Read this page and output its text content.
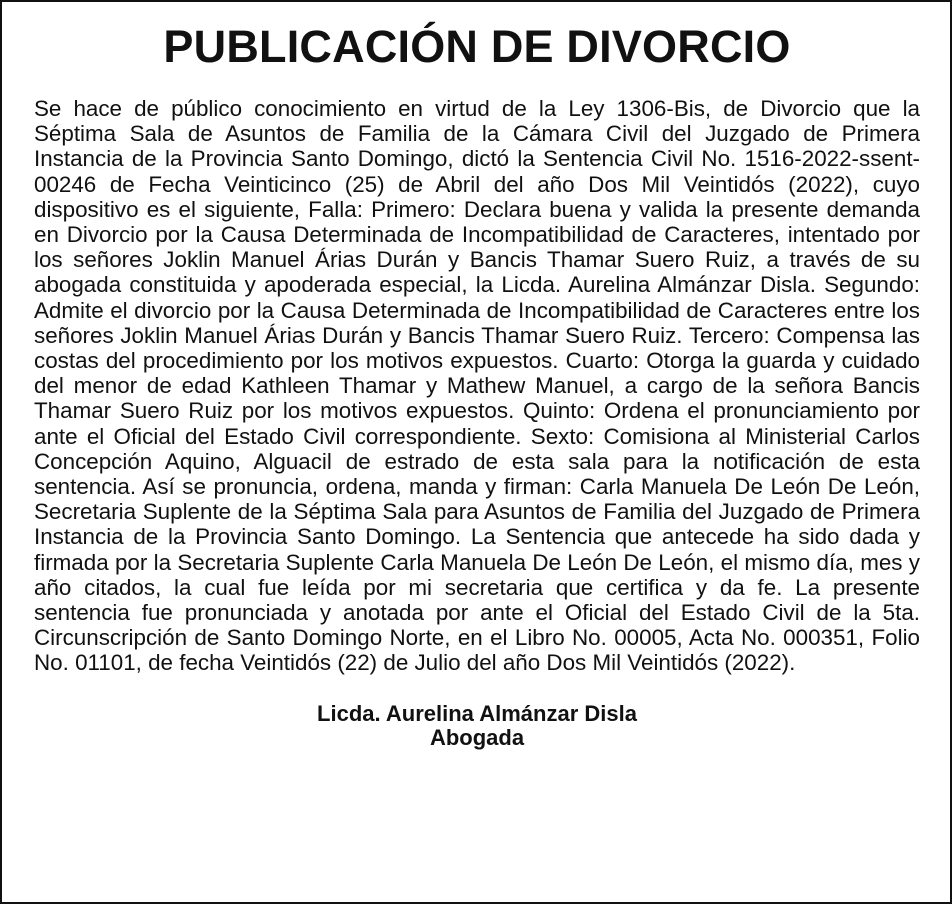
PUBLICACIÓN DE DIVORCIO

Se hace de público conocimiento en virtud de la Ley 1306-Bis, de Divorcio que la Séptima Sala de Asuntos de Familia de la Cámara Civil del Juzgado de Primera Instancia de la Provincia Santo Domingo, dictó la Sentencia Civil No. 1516-2022-ssent-00246 de Fecha Veinticinco (25) de Abril del año Dos Mil Veintidós (2022), cuyo dispositivo es el siguiente, Falla: Primero: Declara buena y valida la presente demanda en Divorcio por la Causa Determinada de Incompatibilidad de Caracteres, intentado por los señores Joklin Manuel Árias Durán y Bancis Thamar Suero Ruiz, a través de su abogada constituida y apoderada especial, la Licda. Aurelina Almánzar Disla. Segundo: Admite el divorcio por la Causa Determinada de Incompatibilidad de Caracteres entre los señores Joklin Manuel Árias Durán y Bancis Thamar Suero Ruiz. Tercero: Compensa las costas del procedimiento por los motivos expuestos. Cuarto: Otorga la guarda y cuidado del menor de edad Kathleen Thamar y Mathew Manuel, a cargo de la señora Bancis Thamar Suero Ruiz por los motivos expuestos. Quinto: Ordena el pronunciamiento por ante el Oficial del Estado Civil correspondiente. Sexto: Comisiona al Ministerial Carlos Concepción Aquino, Alguacil de estrado de esta sala para la notificación de esta sentencia. Así se pronuncia, ordena, manda y firman: Carla Manuela De León De León, Secretaria Suplente de la Séptima Sala para Asuntos de Familia del Juzgado de Primera Instancia de la Provincia Santo Domingo. La Sentencia que antecede ha sido dada y firmada por la Secretaria Suplente Carla Manuela De León De León, el mismo día, mes y año citados, la cual fue leída por mi secretaria que certifica y da fe. La presente sentencia fue pronunciada y anotada por ante el Oficial del Estado Civil de la 5ta. Circunscripción de Santo Domingo Norte, en el Libro No. 00005, Acta No. 000351, Folio No. 01101, de fecha Veintidós (22) de Julio del año Dos Mil Veintidós (2022).

Licda. Aurelina Almánzar Disla
Abogada
